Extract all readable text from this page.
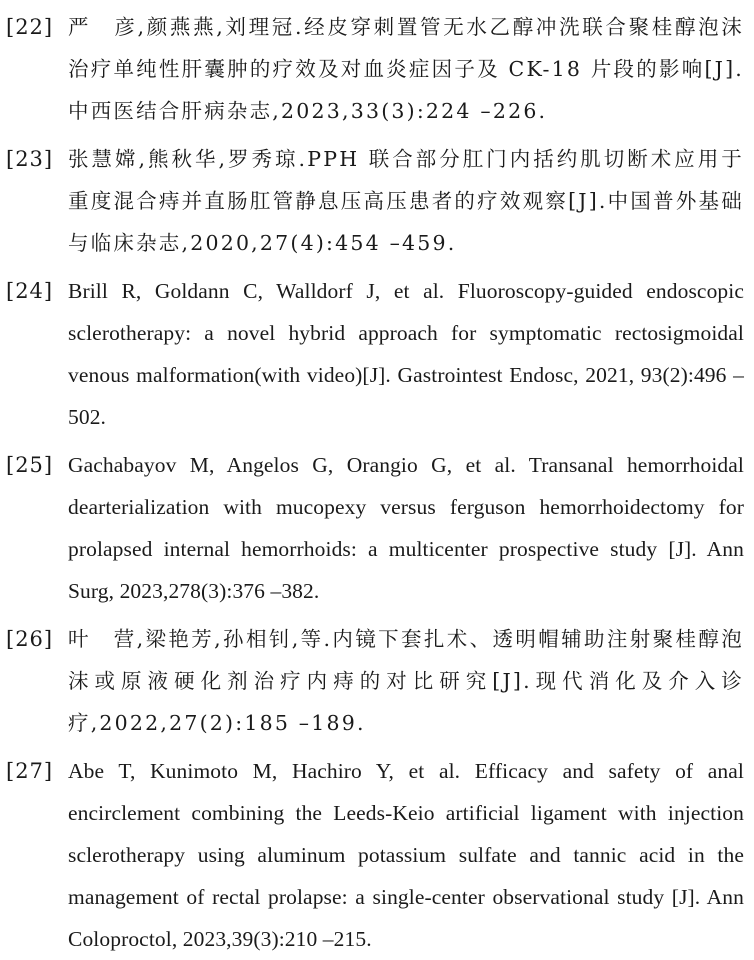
[22] 严　彦,颜燕燕,刘理冠.经皮穿刺置管无水乙醇冲洗联合聚桂醇泡沫治疗单纯性肝囊肿的疗效及对血炎症因子及 CK-18 片段的影响[J].中西医结合肝病杂志,2023,33(3):224 –226.
[23] 张慧嫦,熊秋华,罗秀琼.PPH 联合部分肛门内括约肌切断术应用于重度混合痔并直肠肛管静息压高压患者的疗效观察[J].中国普外基础与临床杂志,2020,27(4):454 –459.
[24] Brill R, Goldann C, Walldorf J, et al. Fluoroscopy-guided endoscopic sclerotherapy: a novel hybrid approach for symptomatic rectosigmoidal venous malformation(with video)[J]. Gastrointest Endosc, 2021, 93(2):496 –502.
[25] Gachabayov M, Angelos G, Orangio G, et al. Transanal hemorrhoidal dearterialization with mucopexy versus ferguson hemorrhoidectomy for prolapsed internal hemorrhoids: a multicenter prospective study [J]. Ann Surg, 2023,278(3):376 –382.
[26] 叶　营,梁艳芳,孙相钊,等.内镜下套扎术、透明帽辅助注射聚桂醇泡沫或原液硬化剂治疗内痔的对比研究[J].现代消化及介入诊疗,2022,27(2):185 –189.
[27] Abe T, Kunimoto M, Hachiro Y, et al. Efficacy and safety of anal encirclement combining the Leeds-Keio artificial ligament with injection sclerotherapy using aluminum potassium sulfate and tannic acid in the management of rectal prolapse: a single-center observational study [J]. Ann Coloproctol, 2023,39(3):210 –215.
